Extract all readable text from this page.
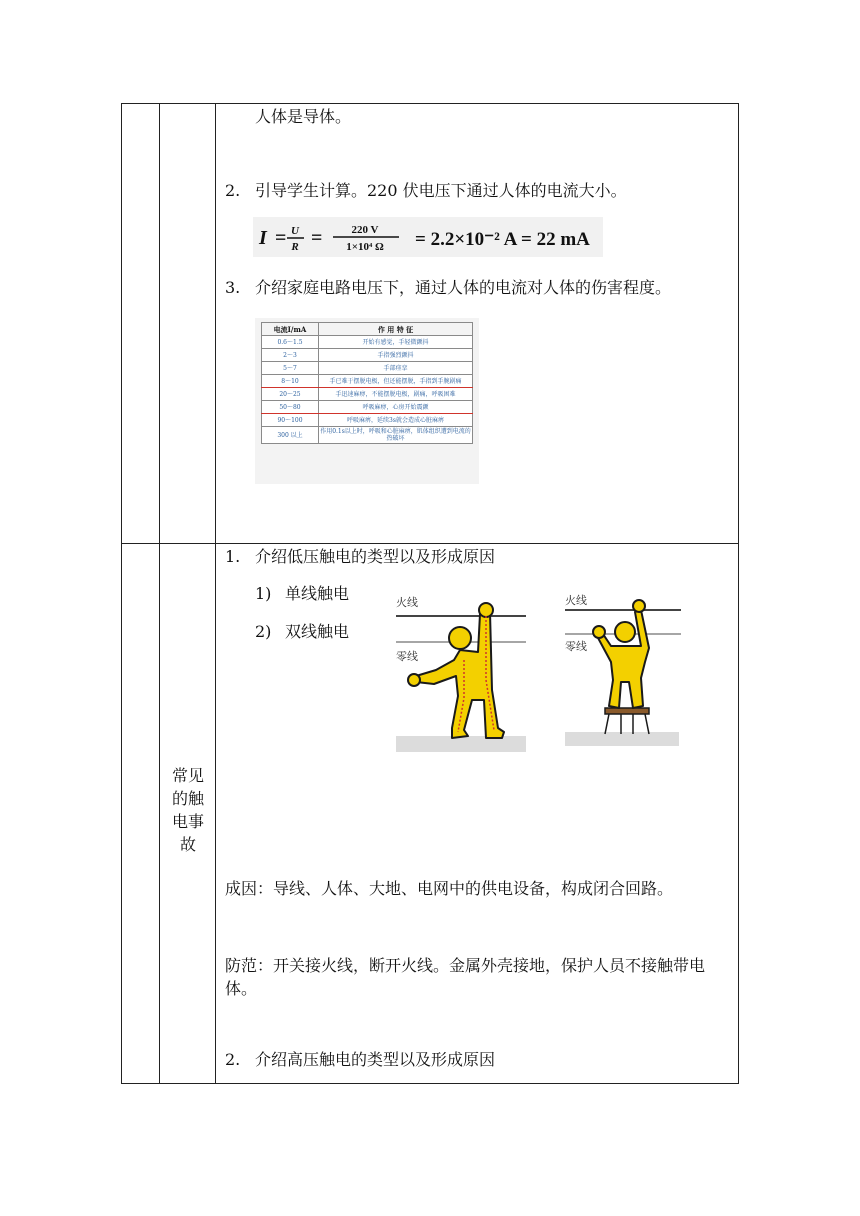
人体是导体。
2. 引导学生计算。220 伏电压下通过人体的电流大小。
I = U
R =	220 V
1×10⁴ Ω = 2.2×10⁻² A = 22 mA
3. 介绍家庭电路电压下，通过人体的电流对人体的伤害程度。
电流I/mA	作 用 特 征
0.6～1.5	开始有感觉，手轻微颤抖
2～3	手指强烈颤抖
5～7	手部痉挛
8～10	手已难于摆脱电极，但还能摆脱，手指到手腕剧痛
20～25	手迅速麻痹，不能摆脱电极，剧痛，呼吸困难
50～80	呼吸麻痹，心房开始震颤
90～100	呼吸麻痹，延续3s就会造成心脏麻痹
300 以上	作用0.1s以上时，呼吸和心脏麻痹，肌体组织遭到电流的热破坏
常见
的触
电事
故
1. 介绍低压触电的类型以及形成原因
1) 单线触电
2) 双线触电
火线
零线
火线
零线
成因：导线、人体、大地、电网中的供电设备，构成闭合回路。
防范：开关接火线，断开火线。金属外壳接地，保护人员不接触带电体。
2. 介绍高压触电的类型以及形成原因
